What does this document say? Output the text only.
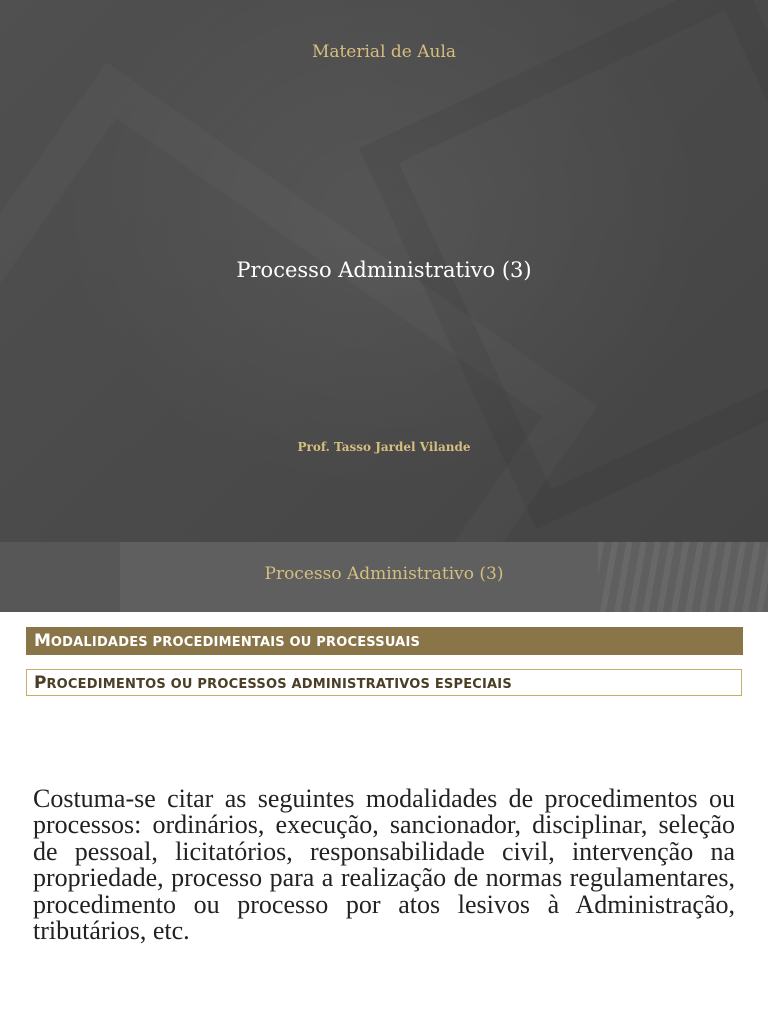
Material de Aula
Processo Administrativo (3)
Prof. Tasso Jardel Vilande
Processo Administrativo (3)
MODALIDADES PROCEDIMENTAIS OU PROCESSUAIS
PROCEDIMENTOS OU PROCESSOS ADMINISTRATIVOS ESPECIAIS

Costuma-se citar as seguintes modalidades de procedimentos ou processos: ordinários, execução, sancionador, disciplinar, seleção de pessoal, licitatórios, responsabilidade civil, intervenção na propriedade, processo para a realização de normas regulamentares, procedimento ou processo por atos lesivos à Administração, tributários, etc.
